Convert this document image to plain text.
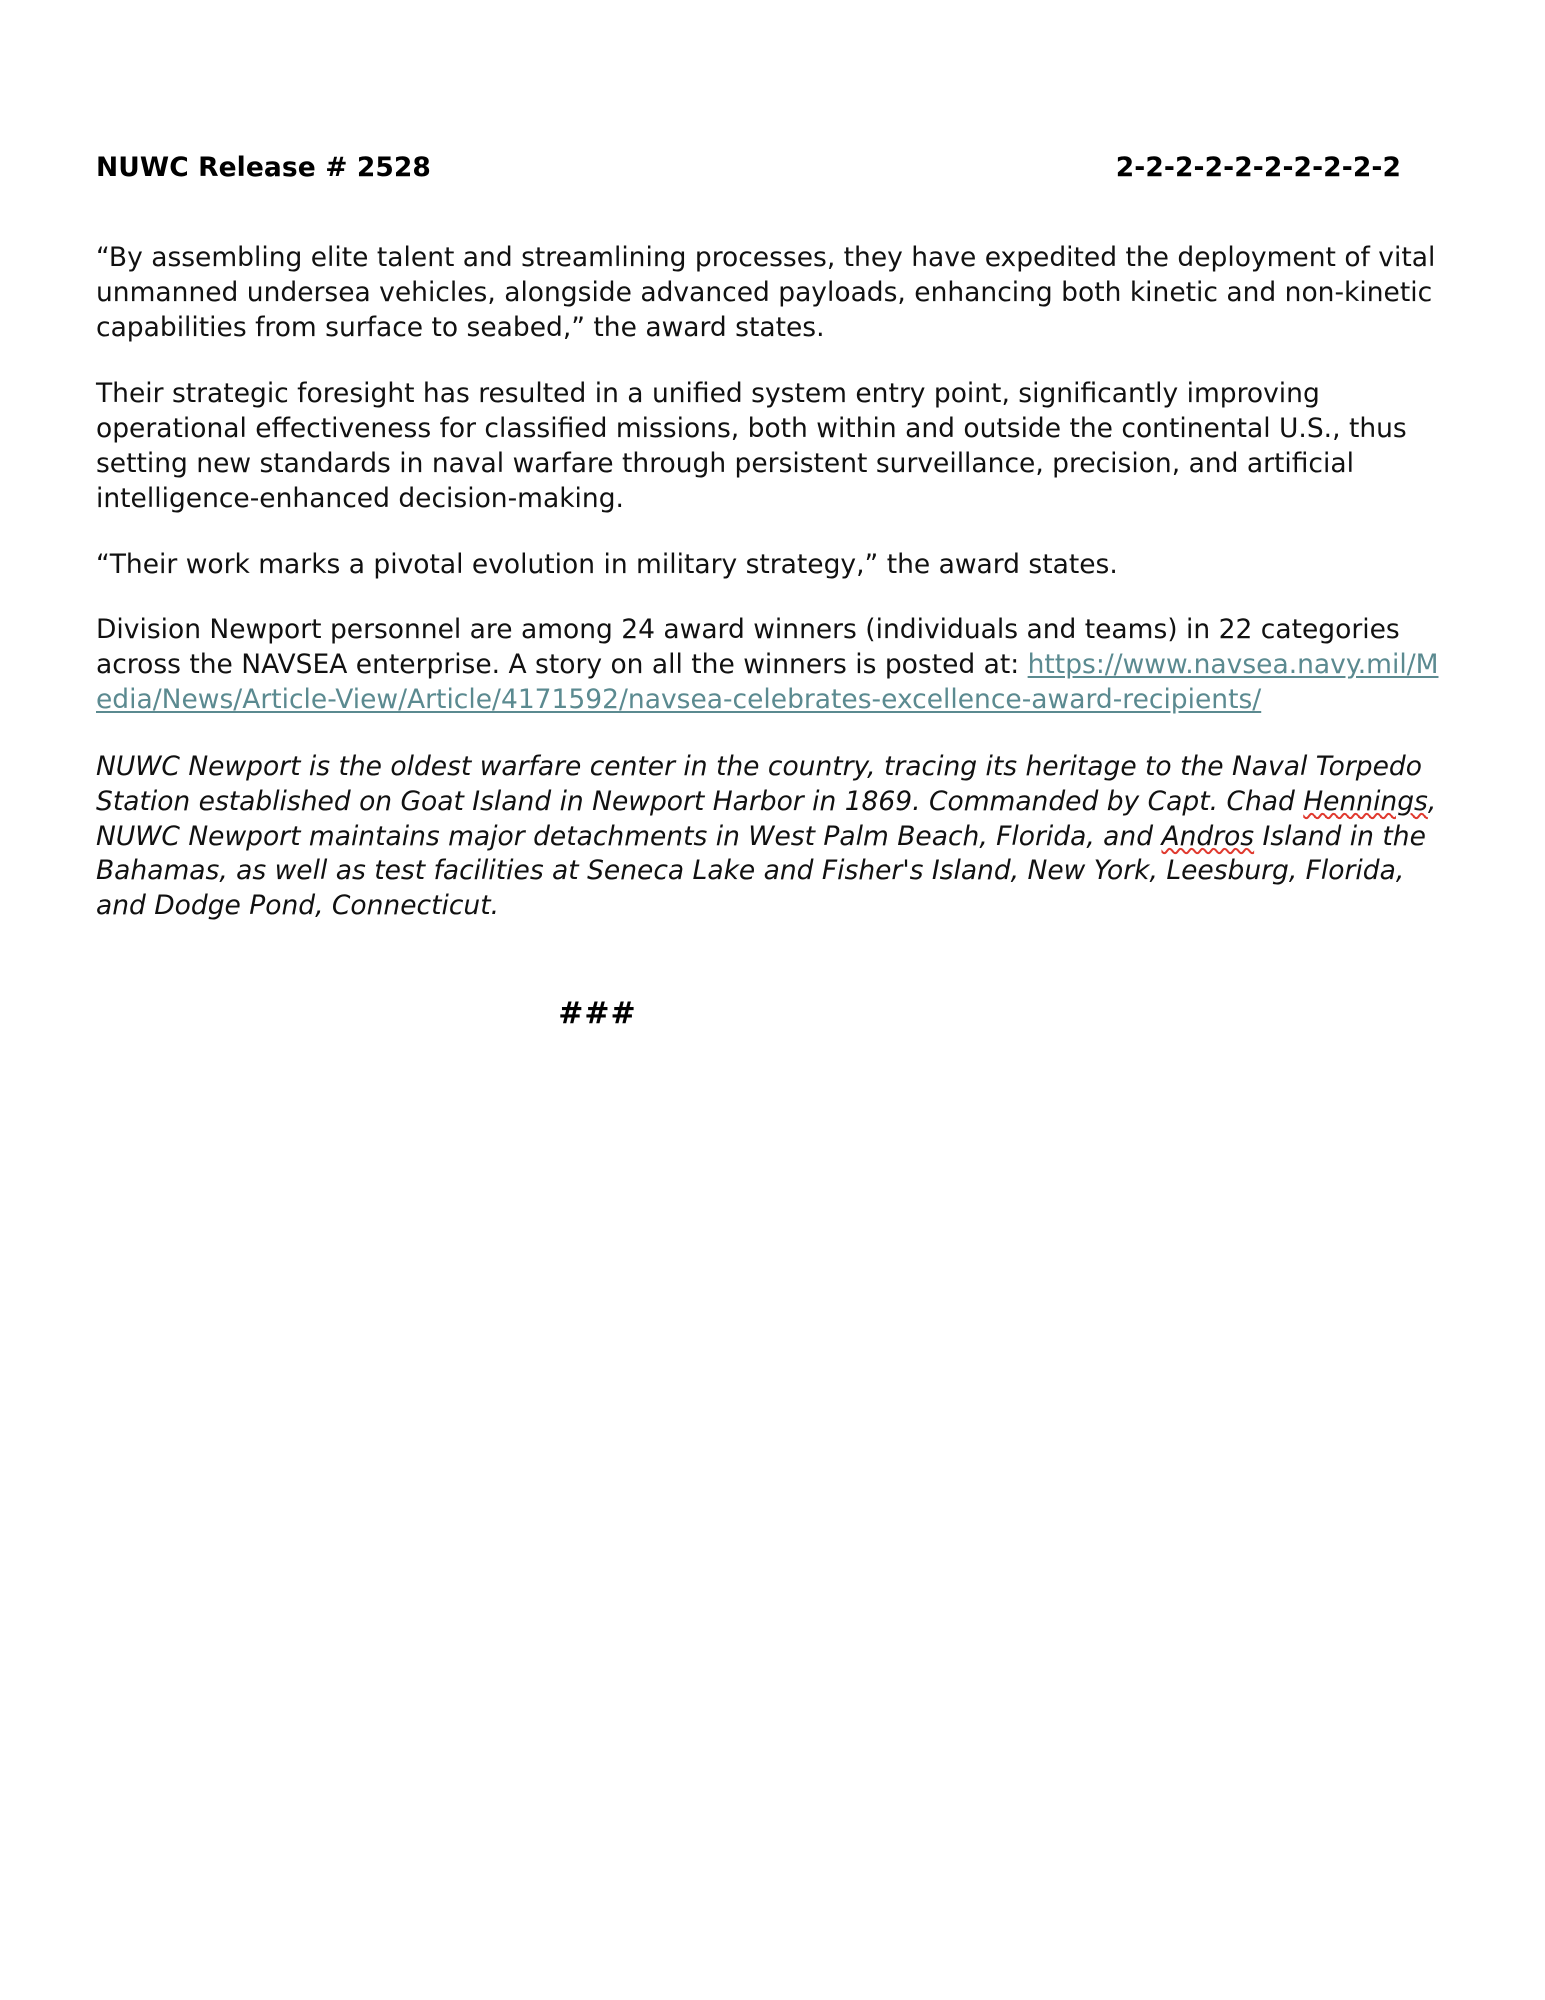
NUWC Release # 2528	2-2-2-2-2-2-2-2-2-2

“By assembling elite talent and streamlining processes, they have expedited the deployment of vital unmanned undersea vehicles, alongside advanced payloads, enhancing both kinetic and non-kinetic capabilities from surface to seabed,” the award states.

Their strategic foresight has resulted in a unified system entry point, significantly improving operational effectiveness for classified missions, both within and outside the continental U.S., thus setting new standards in naval warfare through persistent surveillance, precision, and artificial intelligence-enhanced decision-making.

“Their work marks a pivotal evolution in military strategy,” the award states.

Division Newport personnel are among 24 award winners (individuals and teams) in 22 categories across the NAVSEA enterprise. A story on all the winners is posted at: https://www.navsea.navy.mil/Media/News/Article-View/Article/4171592/navsea-celebrates-excellence-award-recipients/

NUWC Newport is the oldest warfare center in the country, tracing its heritage to the Naval Torpedo Station established on Goat Island in Newport Harbor in 1869. Commanded by Capt. Chad Hennings, NUWC Newport maintains major detachments in West Palm Beach, Florida, and Andros Island in the Bahamas, as well as test facilities at Seneca Lake and Fisher's Island, New York, Leesburg, Florida, and Dodge Pond, Connecticut.

###
